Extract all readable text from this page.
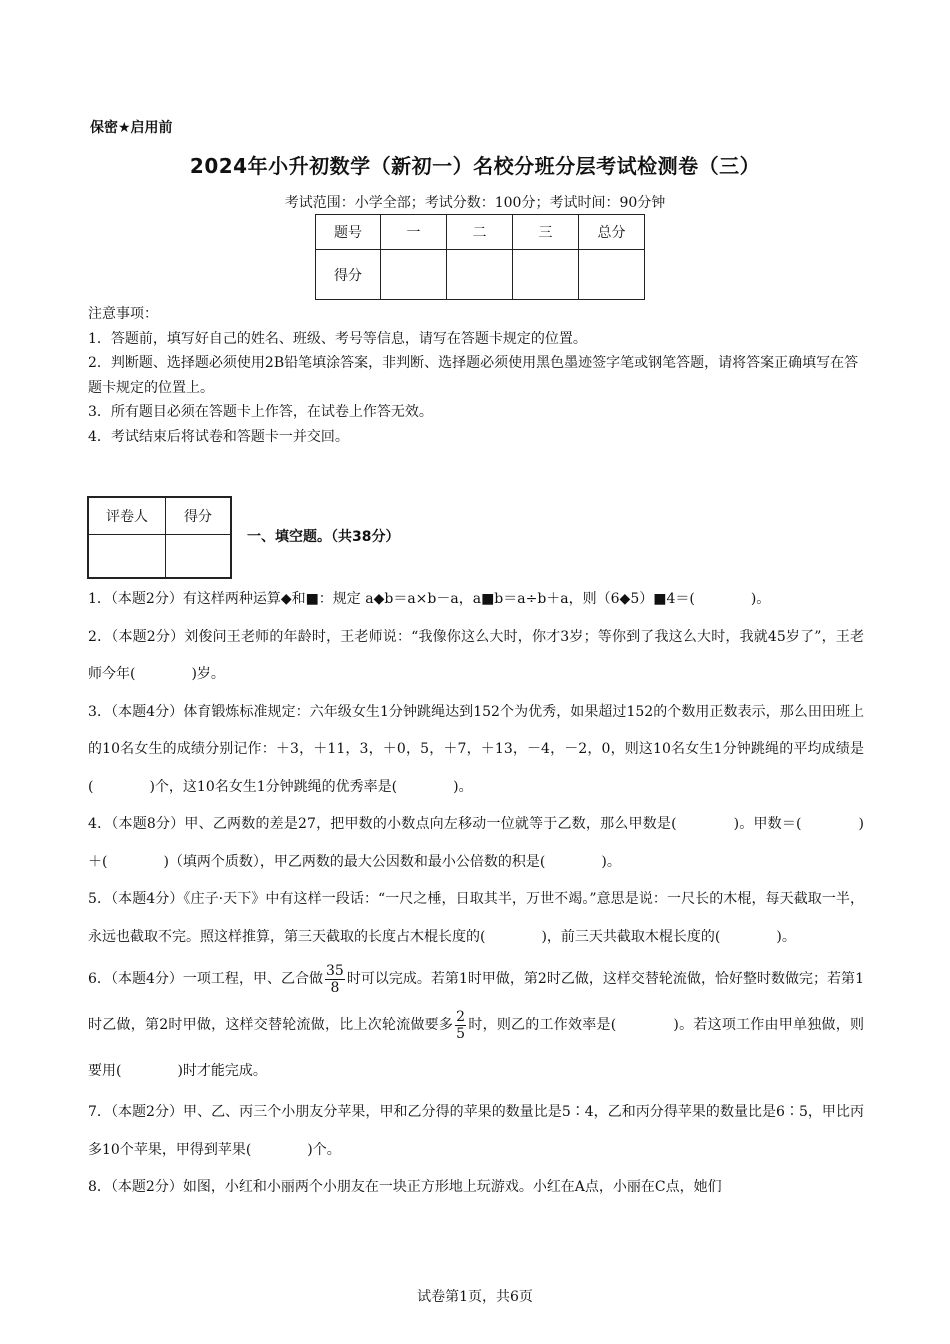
保密★启用前
2024年小升初数学（新初一）名校分班分层考试检测卷（三）
考试范围：小学全部；考试分数：100分；考试时间：90分钟
题号	一	二	三	总分
得分				
注意事项：
1．答题前，填写好自己的姓名、班级、考号等信息，请写在答题卡规定的位置。
2．判断题、选择题必须使用2B铅笔填涂答案，非判断、选择题必须使用黑色墨迹签字笔或钢笔答题，请将答案正确填写在答题卡规定的位置上。
3．所有题目必须在答题卡上作答，在试卷上作答无效。
4．考试结束后将试卷和答题卡一并交回。
评卷人	得分

一、填空题。（共38分）
1．（本题2分）有这样两种运算◆和■：规定 a◆b＝a×b－a，a■b＝a÷b＋a，则（6◆5）■4＝(　　　　)。
2．（本题2分）刘俊问王老师的年龄时，王老师说：“我像你这么大时，你才3岁；等你到了我这么大时，我就45岁了”，王老师今年(　　　　)岁。
3．（本题4分）体育锻炼标准规定：六年级女生1分钟跳绳达到152个为优秀，如果超过152的个数用正数表示，那么田田班上的10名女生的成绩分别记作：＋3，＋11，3，＋0，5，＋7，＋13，－4，－2，0，则这10名女生1分钟跳绳的平均成绩是(　　　　)个，这10名女生1分钟跳绳的优秀率是(　　　　)。
4．（本题8分）甲、乙两数的差是27，把甲数的小数点向左移动一位就等于乙数，那么甲数是(　　　　)。甲数＝(　　　　)＋(　　　　)（填两个质数），甲乙两数的最大公因数和最小公倍数的积是(　　　　)。
5．（本题4分）《庄子·天下》中有这样一段话：“一尺之棰，日取其半，万世不竭。”意思是说：一尺长的木棍，每天截取一半，永远也截取不完。照这样推算，第三天截取的长度占木棍长度的(　　　　)，前三天共截取木棍长度的(　　　　)。
6．（本题4分）一项工程，甲、乙合做 $\frac{35}{8}$ 时可以完成。若第1时甲做，第2时乙做，这样交替轮流做，恰好整时数做完；若第1时乙做，第2时甲做，这样交替轮流做，比上次轮流做要多 $\frac{2}{5}$ 时，则乙的工作效率是(　　　　)。若这项工作由甲单独做，则要用(　　　　)时才能完成。
7．（本题2分）甲、乙、丙三个小朋友分苹果，甲和乙分得的苹果的数量比是5∶4，乙和丙分得苹果的数量比是6∶5，甲比丙多10个苹果，甲得到苹果(　　　　)个。
8．（本题2分）如图，小红和小丽两个小朋友在一块正方形地上玩游戏。小红在A点，小丽在C点，她们
试卷第1页，共6页
